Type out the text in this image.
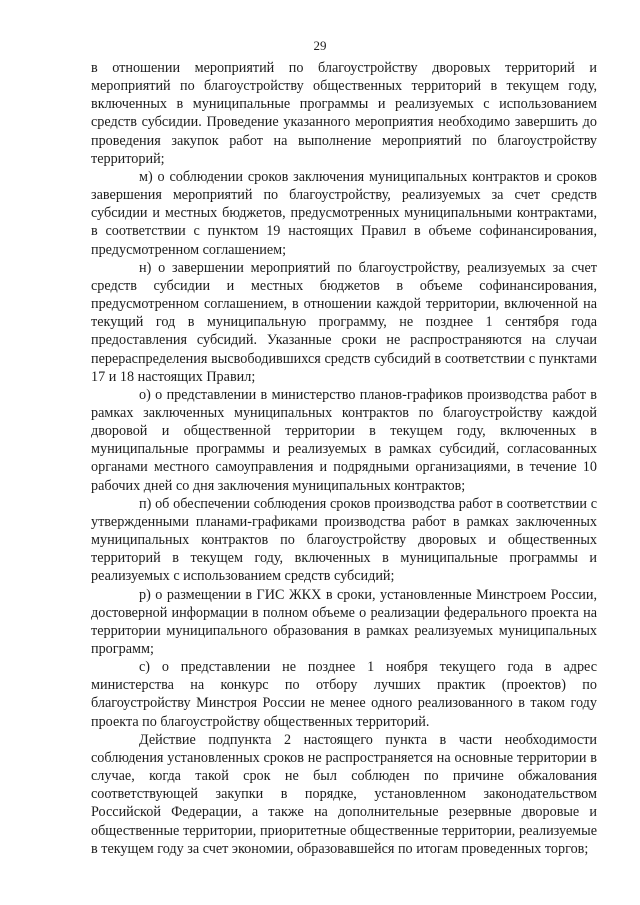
29

в отношении мероприятий по благоустройству дворовых территорий и мероприятий по благоустройству общественных территорий в текущем году, включенных в муниципальные программы и реализуемых с использованием средств субсидии. Проведение указанного мероприятия необходимо завершить до проведения закупок работ на выполнение мероприятий по благоустройству территорий;

м) о соблюдении сроков заключения муниципальных контрактов и сроков завершения мероприятий по благоустройству, реализуемых за счет средств субсидии и местных бюджетов, предусмотренных муниципальными контрактами, в соответствии с пунктом 19 настоящих Правил в объеме софинансирования, предусмотренном соглашением;

н) о завершении мероприятий по благоустройству, реализуемых за счет средств субсидии и местных бюджетов в объеме софинансирования, предусмотренном соглашением, в отношении каждой территории, включенной на текущий год в муниципальную программу, не позднее 1 сентября года предоставления субсидий. Указанные сроки не распространяются на случаи перераспределения высвободившихся средств субсидий в соответствии с пунктами 17 и 18 настоящих Правил;

о) о представлении в министерство планов-графиков производства работ в рамках заключенных муниципальных контрактов по благоустройству каждой дворовой и общественной территории в текущем году, включенных в муниципальные программы и реализуемых в рамках субсидий, согласованных органами местного самоуправления и подрядными организациями, в течение 10 рабочих дней со дня заключения муниципальных контрактов;

п) об обеспечении соблюдения сроков производства работ в соответствии с утвержденными планами-графиками производства работ в рамках заключенных муниципальных контрактов по благоустройству дворовых и общественных территорий в текущем году, включенных в муниципальные программы и реализуемых с использованием средств субсидий;

р) о размещении в ГИС ЖКХ в сроки, установленные Минстроем России, достоверной информации в полном объеме о реализации федерального проекта на территории муниципального образования в рамках реализуемых муниципальных программ;

с) о представлении не позднее 1 ноября текущего года в адрес министерства на конкурс по отбору лучших практик (проектов) по благоустройству Минстроя России не менее одного реализованного в таком году проекта по благоустройству общественных территорий.

Действие подпункта 2 настоящего пункта в части необходимости соблюдения установленных сроков не распространяется на основные территории в случае, когда такой срок не был соблюден по причине обжалования соответствующей закупки в порядке, установленном законодательством Российской Федерации, а также на дополнительные резервные дворовые и общественные территории, приоритетные общественные территории, реализуемые в текущем году за счет экономии, образовавшейся по итогам проведенных торгов;
